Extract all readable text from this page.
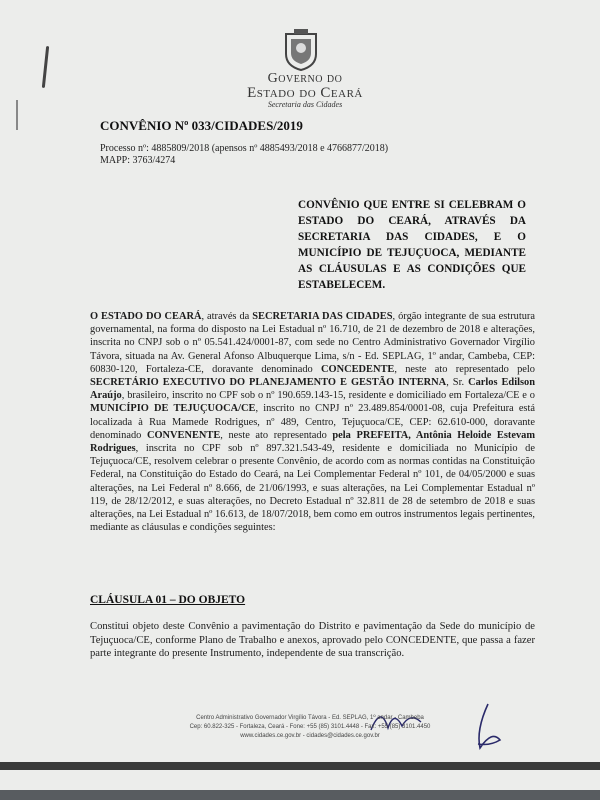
Governo do
Estado do Ceará
Secretaria das Cidades
CONVÊNIO Nº 033/CIDADES/2019
Processo nº: 4885809/2018 (apensos nº 4885493/2018 e 4766877/2018)
MAPP: 3763/4274
CONVÊNIO QUE ENTRE SI CELEBRAM O ESTADO DO CEARÁ, ATRAVÉS DA SECRETARIA DAS CIDADES, E O MUNICÍPIO DE TEJUÇUOCA, MEDIANTE AS CLÁUSULAS E AS CONDIÇÕES QUE ESTABELECEM.
O ESTADO DO CEARÁ, através da SECRETARIA DAS CIDADES, órgão integrante de sua estrutura governamental, na forma do disposto na Lei Estadual nº 16.710, de 21 de dezembro de 2018 e alterações, inscrita no CNPJ sob o nº 05.541.424/0001-87, com sede no Centro Administrativo Governador Virgílio Távora, situada na Av. General Afonso Albuquerque Lima, s/n - Ed. SEPLAG, 1º andar, Cambeba, CEP: 60830-120, Fortaleza-CE, doravante denominado CONCEDENTE, neste ato representado pelo SECRETÁRIO EXECUTIVO DO PLANEJAMENTO E GESTÃO INTERNA, Sr. Carlos Edilson Araújo, brasileiro, inscrito no CPF sob o nº 190.659.143-15, residente e domiciliado em Fortaleza/CE e o MUNICÍPIO DE TEJUÇUOCA/CE, inscrito no CNPJ nº 23.489.854/0001-08, cuja Prefeitura está localizada à Rua Mamede Rodrigues, nº 489, Centro, Tejuçuoca/CE, CEP: 62.610-000, doravante denominado CONVENENTE, neste ato representado pela PREFEITA, Antônia Heloide Estevam Rodrigues, inscrita no CPF sob nº 897.321.543-49, residente e domiciliada no Município de Tejuçuoca/CE, resolvem celebrar o presente Convênio, de acordo com as normas contidas na Constituição Federal, na Constituição do Estado do Ceará, na Lei Complementar Federal nº 101, de 04/05/2000 e suas alterações, na Lei Federal nº 8.666, de 21/06/1993, e suas alterações, na Lei Complementar Estadual nº 119, de 28/12/2012, e suas alterações, no Decreto Estadual nº 32.811 de 28 de setembro de 2018 e suas alterações, na Lei Estadual nº 16.613, de 18/07/2018, bem como em outros instrumentos legais pertinentes, mediante as cláusulas e condições seguintes:
CLÁUSULA 01 – DO OBJETO
Constitui objeto deste Convênio a pavimentação do Distrito e pavimentação da Sede do município de Tejuçuoca/CE, conforme Plano de Trabalho e anexos, aprovado pelo CONCEDENTE, que passa a fazer parte integrante do presente Instrumento, independente de sua transcrição.
Centro Administrativo Governador Virgílio Távora - Ed. SEPLAG, 1º andar - Cambeba
Cep: 60.822-325 - Fortaleza, Ceará - Fone: +55 (85) 3101.4448 - Fax: +55 (85) 3101.4450
www.cidades.ce.gov.br - cidades@cidades.ce.gov.br
